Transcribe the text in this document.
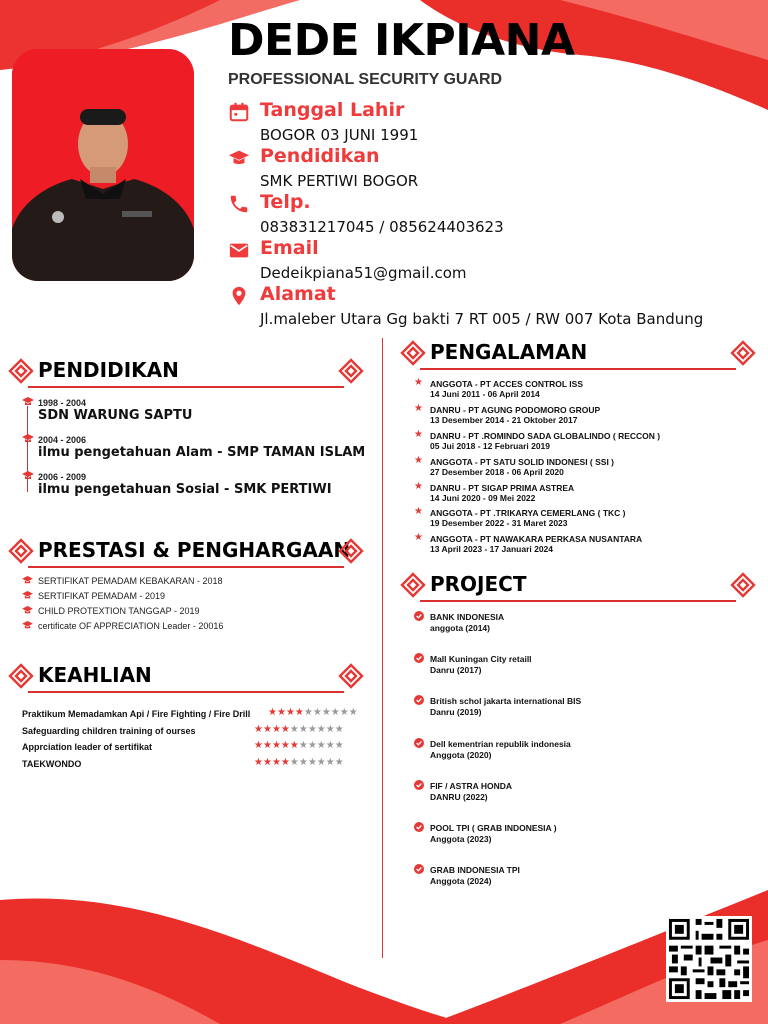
DEDE IKPIANA
PROFESSIONAL SECURITY GUARD
Tanggal Lahir
BOGOR 03 JUNI 1991
Pendidikan
SMK PERTIWI BOGOR
Telp.
083831217045 / 085624403623
Email
Dedeikpiana51@gmail.com
Alamat
Jl.maleber Utara Gg bakti 7 RT 005 / RW 007 Kota Bandung
PENDIDIKAN
1998 - 2004
SDN WARUNG SAPTU
2004 - 2006
ilmu pengetahuan Alam - SMP TAMAN ISLAM
2006 - 2009
ilmu pengetahuan Sosial - SMK PERTIWI
PRESTASI & PENGHARGAAN
SERTIFIKAT PEMADAM KEBAKARAN - 2018
SERTIFIKAT PEMADAM - 2019
CHILD PROTEXTION TANGGAP - 2019
certificate OF APPRECIATION Leader - 20016
KEAHLIAN
Praktikum Memadamkan Api / Fire Fighting / Fire Drill ★★★★★★★★★★
Safeguarding children training of ourses	★★★★★★★★★★
Apprciation leader of sertifikat	★★★★★★★★★★
TAEKWONDO	★★★★★★★★★★
PENGALAMAN
★ ANGGOTA - PT ACCES CONTROL ISS
14 Juni 2011 - 06 April 2014
★ DANRU - PT AGUNG PODOMORO GROUP
13 Desember 2014 - 21 Oktober 2017
★ DANRU - PT .ROMINDO SADA GLOBALINDO ( RECCON )
05 Jui 2018 - 12 Februari 2019
★ ANGGOTA - PT SATU SOLID INDONESI ( SSI )
27 Desember 2018 - 06 April 2020
★ DANRU - PT SIGAP PRIMA ASTREA
14 Juni 2020 - 09 Mei 2022
★ ANGGOTA - PT .TRIKARYA CEMERLANG ( TKC )
19 Desember 2022 - 31 Maret 2023
★ ANGGOTA - PT NAWAKARA PERKASA NUSANTARA
13 April 2023 - 17 Januari 2024
PROJECT
BANK INDONESIA
anggota (2014)
Mall Kuningan City retaill
Danru (2017)
British schol jakarta international BIS
Danru (2019)
Dell kementrian republik indonesia
Anggota (2020)
FIF / ASTRA HONDA
DANRU (2022)
POOL TPI ( GRAB INDONESIA )
Anggota (2023)
GRAB INDONESIA TPI
Anggota (2024)
